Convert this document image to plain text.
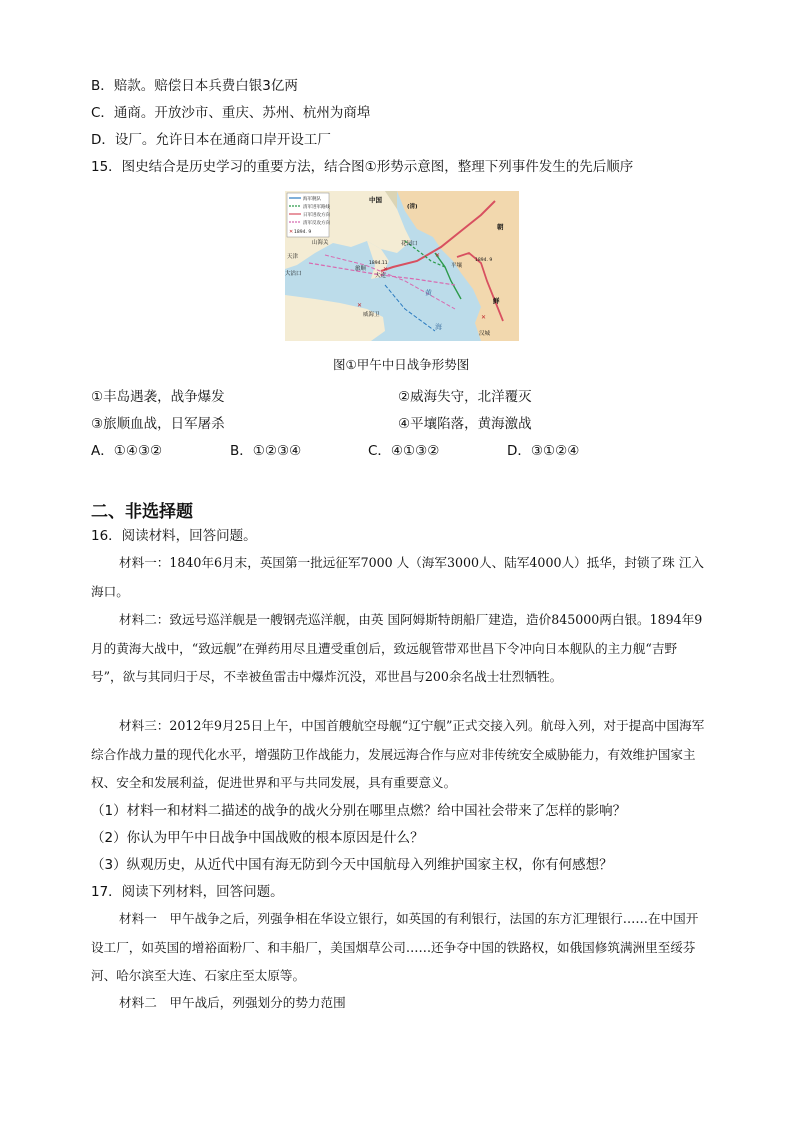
B．赔款。赔偿日本兵费白银3亿两
C．通商。开放沙市、重庆、苏州、杭州为商埠
D．设厂。允许日本在通商口岸开设工厂
15．图史结合是历史学习的重要方法，结合图①形势示意图，整理下列事件发生的先后顺序
海军舰队
清军进军路线
日军进攻方向
清军反攻方向
✕ 1894. 9
中国
(清)
朝
鲜
山海关
天津
大沽口
花园口
旅顺
大连
威海卫
平壤
汉城
黄
海
1894. 9
1894.11
✕
✕
✕
✕
图①甲午中日战争形势图
①丰岛遇袭，战争爆发	②威海失守，北洋覆灭
③旅顺血战，日军屠杀	④平壤陷落，黄海激战
A．①④③②	B．①②③④	C．④①③②	D．③①②④
二、非选择题
16．阅读材料，回答问题。
材料一：1840年6月末，英国第一批远征军7000 人（海军3000人、陆军4000人）抵华，封锁了珠 江入海口。
材料二：致远号巡洋舰是一艘钢壳巡洋舰，由英 国阿姆斯特朗船厂建造，造价845000两白银。1894年9月的黄海大战中，“致远舰”在弹药用尽且遭受重创后，致远舰管带邓世昌下令冲向日本舰队的主力舰“吉野号”，欲与其同归于尽，不幸被鱼雷击中爆炸沉没，邓世昌与200余名战士壮烈牺牲。
材料三：2012年9月25日上午，中国首艘航空母舰“辽宁舰”正式交接入列。航母入列，对于提高中国海军综合作战力量的现代化水平，增强防卫作战能力，发展远海合作与应对非传统安全威胁能力，有效维护国家主权、安全和发展利益，促进世界和平与共同发展，具有重要意义。
（1）材料一和材料二描述的战争的战火分别在哪里点燃？给中国社会带来了怎样的影响？
（2）你认为甲午中日战争中国战败的根本原因是什么？
（3）纵观历史，从近代中国有海无防到今天中国航母入列维护国家主权，你有何感想？
17．阅读下列材料，回答问题。
材料一　甲午战争之后，列强争相在华设立银行，如英国的有利银行，法国的东方汇理银行……在中国开设工厂，如英国的增裕面粉厂、和丰船厂，美国烟草公司……还争夺中国的铁路权，如俄国修筑满洲里至绥芬河、哈尔滨至大连、石家庄至太原等。
材料二　甲午战后，列强划分的势力范围
